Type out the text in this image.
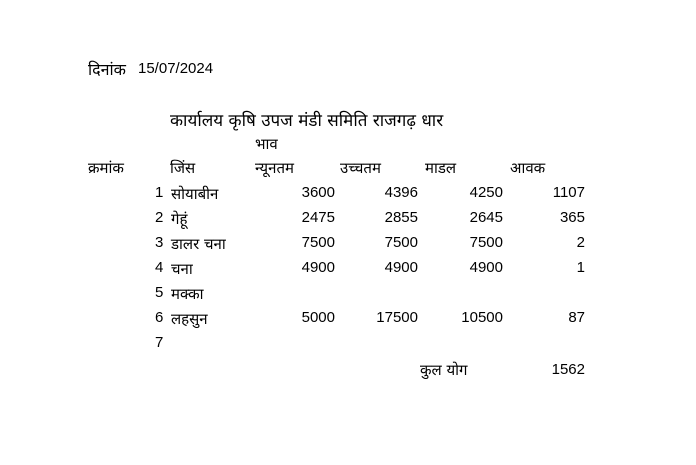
दिनांक 15/07/2024
कार्यालय कृषि उपज मंडी समिति राजगढ़ धार
भाव
क्रमांक	जिंस	न्यूनतम	उच्चतम	माडल	आवक
1 सोयाबीन	3600	4396	4250	1107
2 गेहूं	2475	2855	2645	365
3 डालर चना	7500	7500	7500	2
4 चना	4900	4900	4900	1
5 मक्का
6 लहसुन	5000	17500	10500	87
7
कुल योग	1562
